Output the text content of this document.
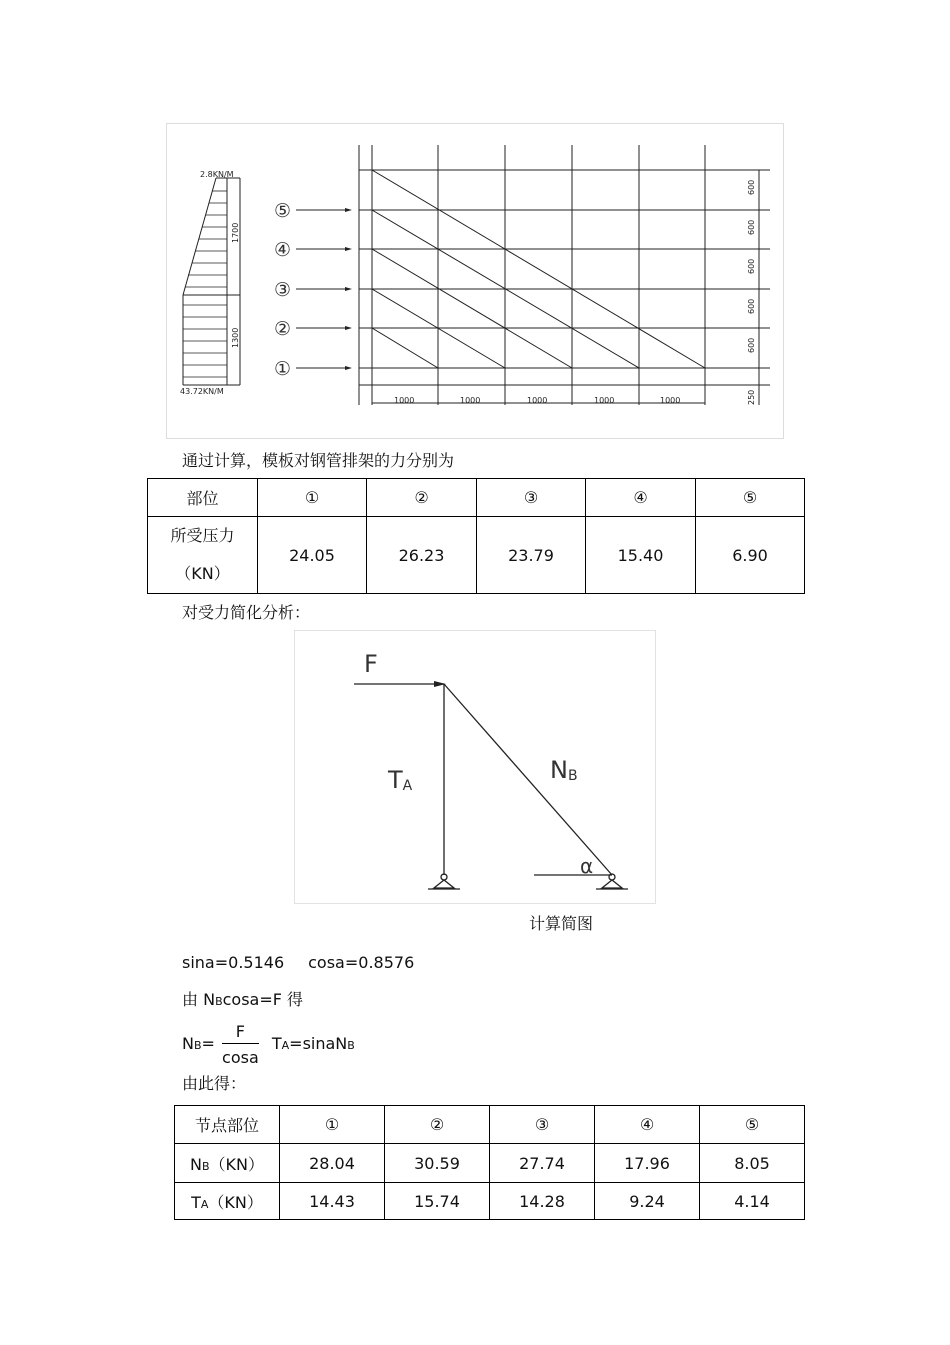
2.8KN/M
43.72KN/M
1700
1300
⑤
④
③
②
①
600
600
600
600
600
250
1000	1000	1000	1000	1000
通过计算，模板对钢管排架的力分别为
部位	①	②	③	④	⑤
所受压力
（KN）	24.05	26.23	23.79	15.40	6.90
对受力简化分析：
F
TA
NB
α
计算简图
sina=0.5146 cosa=0.8576
由 NBcosa=F 得
$NB= \frac{F}{\cos a}$ TA=sinaNB
由此得：
节点部位	①	②	③	④	⑤
NB（KN）	28.04	30.59	27.74	17.96	8.05
TA（KN）	14.43	15.74	14.28	9.24	4.14
